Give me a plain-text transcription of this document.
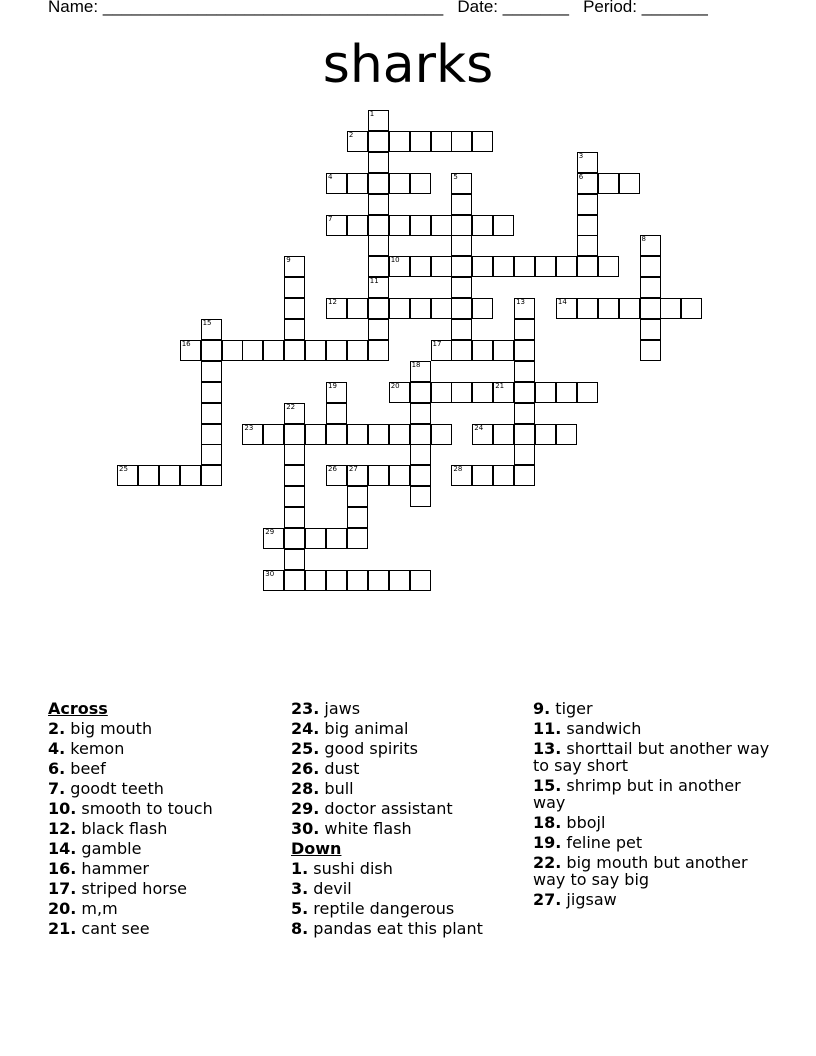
Name: ____________________________________ Date: _______ Period: _______
sharks
1
11
2
3
6
4	5
7
8
9	10
12	13	14
15
16	17
18
19	20	21
22
23	24
25	26 27	28
29
30
Across
2. big mouth
4. kemon
6. beef
7. goodt teeth
10. smooth to touch
12. black flash
14. gamble
16. hammer
17. striped horse
20. m,m
21. cant see
23. jaws
24. big animal
25. good spirits
26. dust
28. bull
29. doctor assistant
30. white flash
Down
1. sushi dish
3. devil
5. reptile dangerous
8. pandas eat this plant
9. tiger
11. sandwich
13. shorttail but another way to say short
15. shrimp but in another way
18. bbojl
19. feline pet
22. big mouth but another way to say big
27. jigsaw
